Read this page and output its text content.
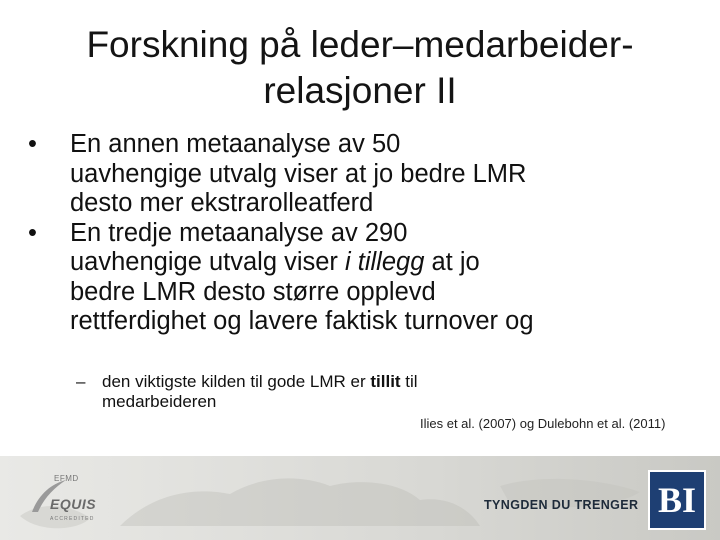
Forskning på leder–medarbeider-
relasjoner II
• En annen metaanalyse av 50
uavhengige utvalg viser at jo bedre LMR
desto mer ekstrarolleatferd
• En tredje metaanalyse av 290
uavhengige utvalg viser i tillegg at jo
bedre LMR desto større opplevd
rettferdighet og lavere faktisk turnover og
– den viktigste kilden til gode LMR er tillit til
medarbeideren
Ilies et al. (2007) og Dulebohn et al. (2011)
EFMD
EQUIS
ACCREDITED
TYNGDEN DU TRENGER BI
